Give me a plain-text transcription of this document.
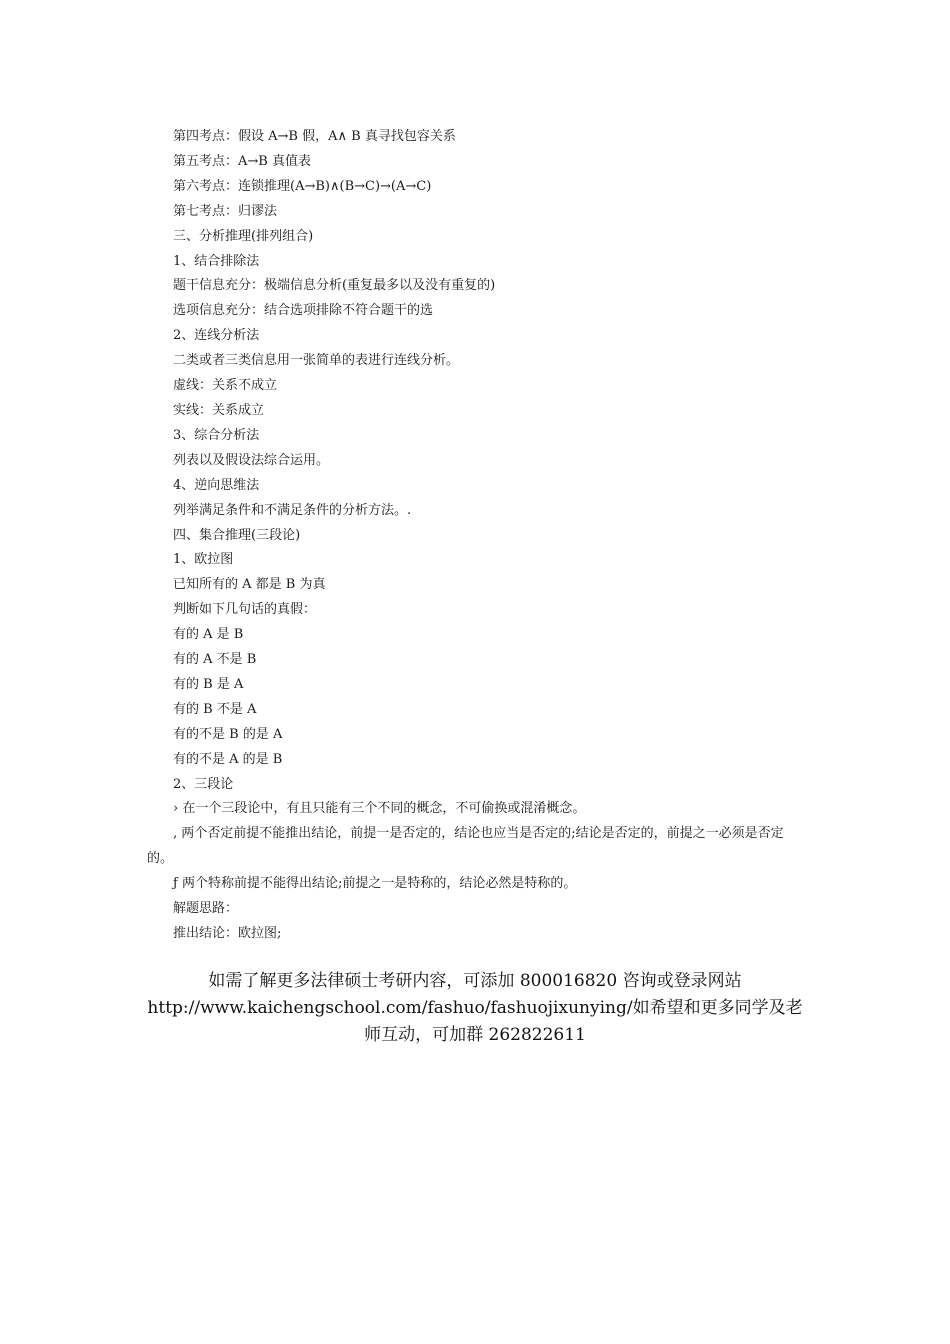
第四考点：假设 A→B 假，A∧ B 真寻找包容关系
第五考点：A→B 真值表
第六考点：连锁推理(A→B)∧(B→C)→(A→C)
第七考点：归谬法
三、分析推理(排列组合)
1、结合排除法
题干信息充分：极端信息分析(重复最多以及没有重复的)
选项信息充分：结合选项排除不符合题干的选
2、连线分析法
二类或者三类信息用一张简单的表进行连线分析。
虚线：关系不成立
实线：关系成立
3、综合分析法
列表以及假设法综合运用。
4、逆向思维法
列举满足条件和不满足条件的分析方法。.
四、集合推理(三段论)
1、欧拉图
已知所有的 A 都是 B 为真
判断如下几句话的真假：
有的 A 是 B
有的 A 不是 B
有的 B 是 A
有的 B 不是 A
有的不是 B 的是 A
有的不是 A 的是 B
2、三段论
› 在一个三段论中，有且只能有三个不同的概念，不可偷换或混淆概念。
‚ 两个否定前提不能推出结论，前提一是否定的，结论也应当是否定的;结论是否定的，前提之一必须是否定的。
ƒ 两个特称前提不能得出结论;前提之一是特称的，结论必然是特称的。
解题思路：
推出结论：欧拉图;
如需了解更多法律硕士考研内容，可添加 800016820 咨询或登录网站 http://www.kaichengschool.com/fashuo/fashuojixunying/如希望和更多同学及老师互动，可加群 262822611
